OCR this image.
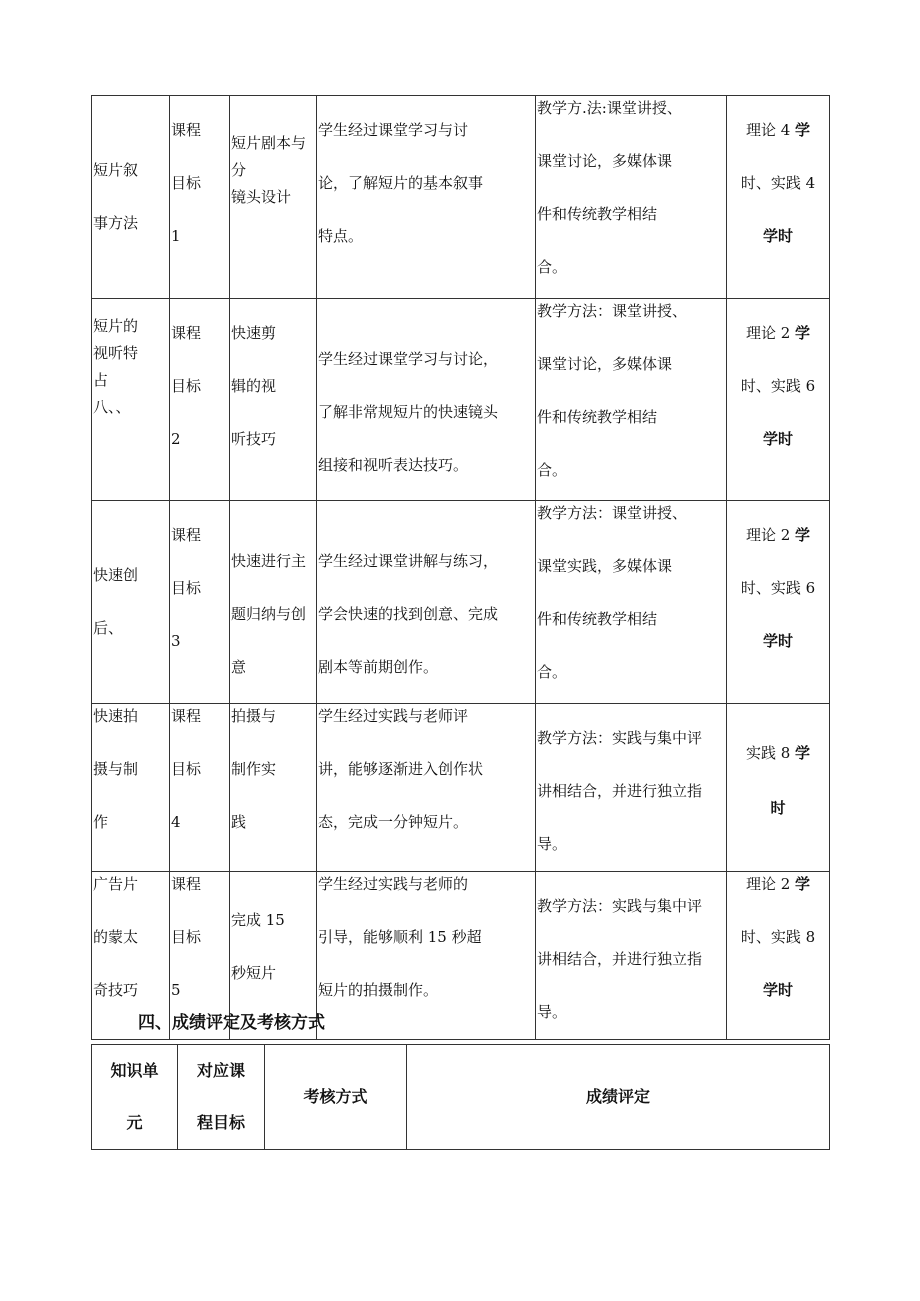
短片叙
事方法	课程
目标
1	短片剧本与
分
镜头设计	学生经过课堂学习与讨
论，了解短片的基本叙事
特点。	教学方.法:课堂讲授、
课堂讨论，多媒体课
件和传统教学相结
合。	理论 4 学
时、实践 4
学时

短片的
视听特
占
八、、	课程
目标
2	快速剪
辑的视
听技巧	学生经过课堂学习与讨论，
了解非常规短片的快速镜头
组接和视听表达技巧。	教学方法：课堂讲授、
课堂讨论，多媒体课
件和传统教学相结
合。	理论 2 学
时、实践 6
学时

快速创
后、	课程
目标
3	快速进行主
题归纳与创
意	学生经过课堂讲解与练习，
学会快速的找到创意、完成
剧本等前期创作。	教学方法：课堂讲授、
课堂实践，多媒体课
件和传统教学相结
合。	理论 2 学
时、实践 6
学时

快速拍
摄与制
作	课程
目标
4	拍摄与
制作实
践	学生经过实践与老师评
讲，能够逐渐进入创作状
态，完成一分钟短片。	教学方法：实践与集中评
讲相结合，并进行独立指
导。	实践 8 学
时

广告片
的蒙太
奇技巧	课程
目标
5	完成 15
秒短片	学生经过实践与老师的
引导，能够顺利 15 秒超
短片的拍摄制作。	教学方法：实践与集中评
讲相结合，并进行独立指
导。	理论 2 学
时、实践 8
学时
四、成绩评定及考核方式
知识单
元	对应课
程目标	考核方式	成绩评定
